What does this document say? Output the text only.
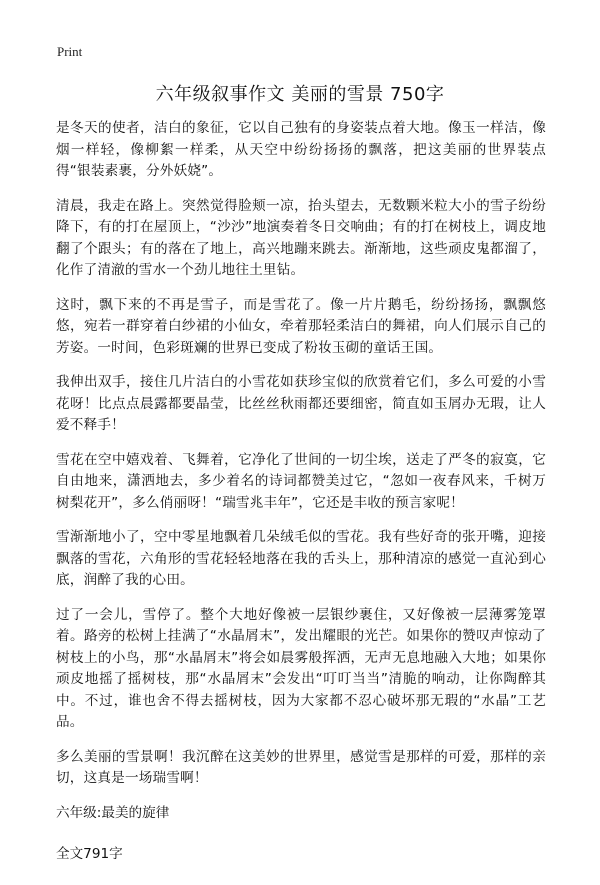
Print
六年级叙事作文 美丽的雪景 750字

是冬天的使者，洁白的象征，它以自己独有的身姿装点着大地。像玉一样洁，像烟一样轻，像柳絮一样柔，从天空中纷纷扬扬的飘落，把这美丽的世界装点得“银装素裹，分外妖娆”。

清晨，我走在路上。突然觉得脸颊一凉，抬头望去，无数颗米粒大小的雪子纷纷降下，有的打在屋顶上，“沙沙”地演奏着冬日交响曲；有的打在树枝上，调皮地翻了个跟头；有的落在了地上，高兴地蹦来跳去。渐渐地，这些顽皮鬼都溜了，化作了清澈的雪水一个劲儿地往土里钻。

这时，飘下来的不再是雪子，而是雪花了。像一片片鹅毛，纷纷扬扬，飘飘悠悠，宛若一群穿着白纱裙的小仙女，牵着那轻柔洁白的舞裙，向人们展示自己的芳姿。一时间，色彩斑斓的世界已变成了粉妆玉砌的童话王国。

我伸出双手，接住几片洁白的小雪花如获珍宝似的欣赏着它们，多么可爱的小雪花呀！比点点晨露都要晶莹，比丝丝秋雨都还要细密，简直如玉屑办无瑕，让人爱不释手！

雪花在空中嬉戏着、飞舞着，它净化了世间的一切尘埃，送走了严冬的寂寞，它自由地来，潇洒地去，多少着名的诗词都赞美过它，“忽如一夜春风来，千树万树梨花开”，多么俏丽呀！“瑞雪兆丰年”，它还是丰收的预言家呢！

雪渐渐地小了，空中零星地飘着几朵绒毛似的雪花。我有些好奇的张开嘴，迎接飘落的雪花，六角形的雪花轻轻地落在我的舌头上，那种清凉的感觉一直沁到心底，润醉了我的心田。

过了一会儿，雪停了。整个大地好像被一层银纱裹住，又好像被一层薄雾笼罩着。路旁的松树上挂满了“水晶屑末”，发出耀眼的光芒。如果你的赞叹声惊动了树枝上的小鸟，那“水晶屑末”将会如晨雾般挥洒，无声无息地融入大地；如果你顽皮地摇了摇树枝，那“水晶屑末”会发出“叮叮当当”清脆的响动，让你陶醉其中。不过，谁也舍不得去摇树枝，因为大家都不忍心破坏那无瑕的“水晶”工艺品。

多么美丽的雪景啊！我沉醉在这美妙的世界里，感觉雪是那样的可爱，那样的亲切，这真是一场瑞雪啊！

六年级:最美的旋律
全文791字
